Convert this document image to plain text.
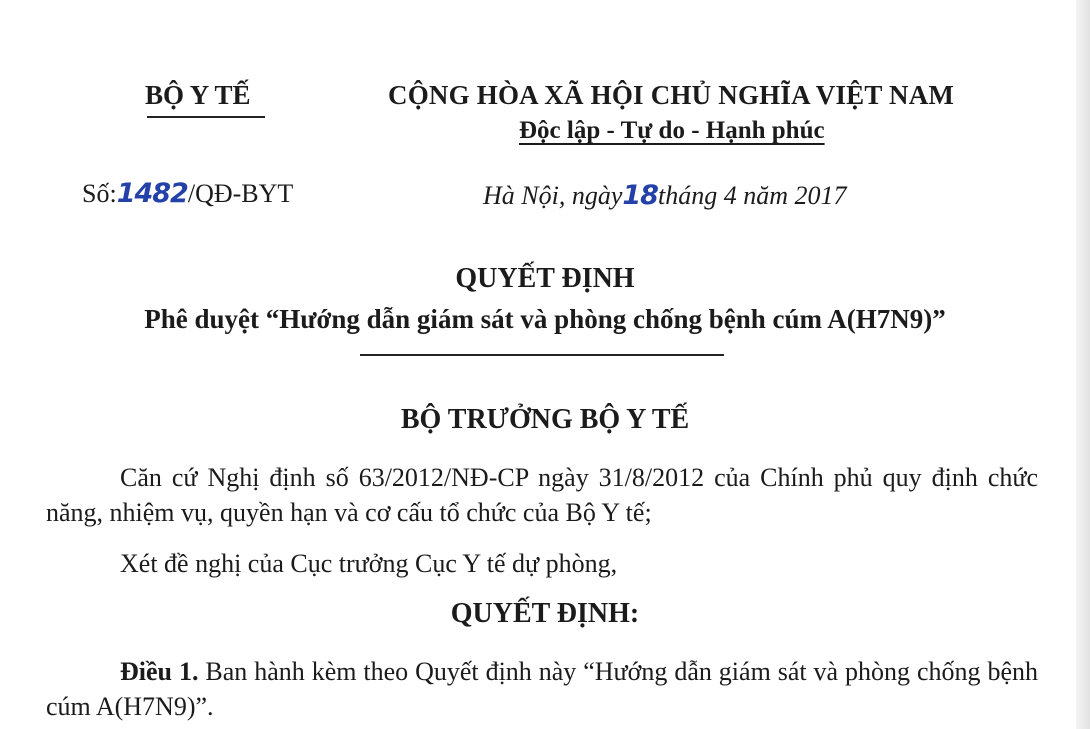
BỘ Y TẾ	CỘNG HÒA XÃ HỘI CHỦ NGHĨA VIỆT NAM
Độc lập - Tự do - Hạnh phúc
Số:1482/QĐ-BYT	Hà Nội, ngày18tháng 4 năm 2017
QUYẾT ĐỊNH
Phê duyệt “Hướng dẫn giám sát và phòng chống bệnh cúm A(H7N9)”
BỘ TRƯỞNG BỘ Y TẾ
Căn cứ Nghị định số 63/2012/NĐ-CP ngày 31/8/2012 của Chính phủ quy định chức năng, nhiệm vụ, quyền hạn và cơ cấu tổ chức của Bộ Y tế;
Xét đề nghị của Cục trưởng Cục Y tế dự phòng,
QUYẾT ĐỊNH:
Điều 1. Ban hành kèm theo Quyết định này “Hướng dẫn giám sát và phòng chống bệnh cúm A(H7N9)”.
